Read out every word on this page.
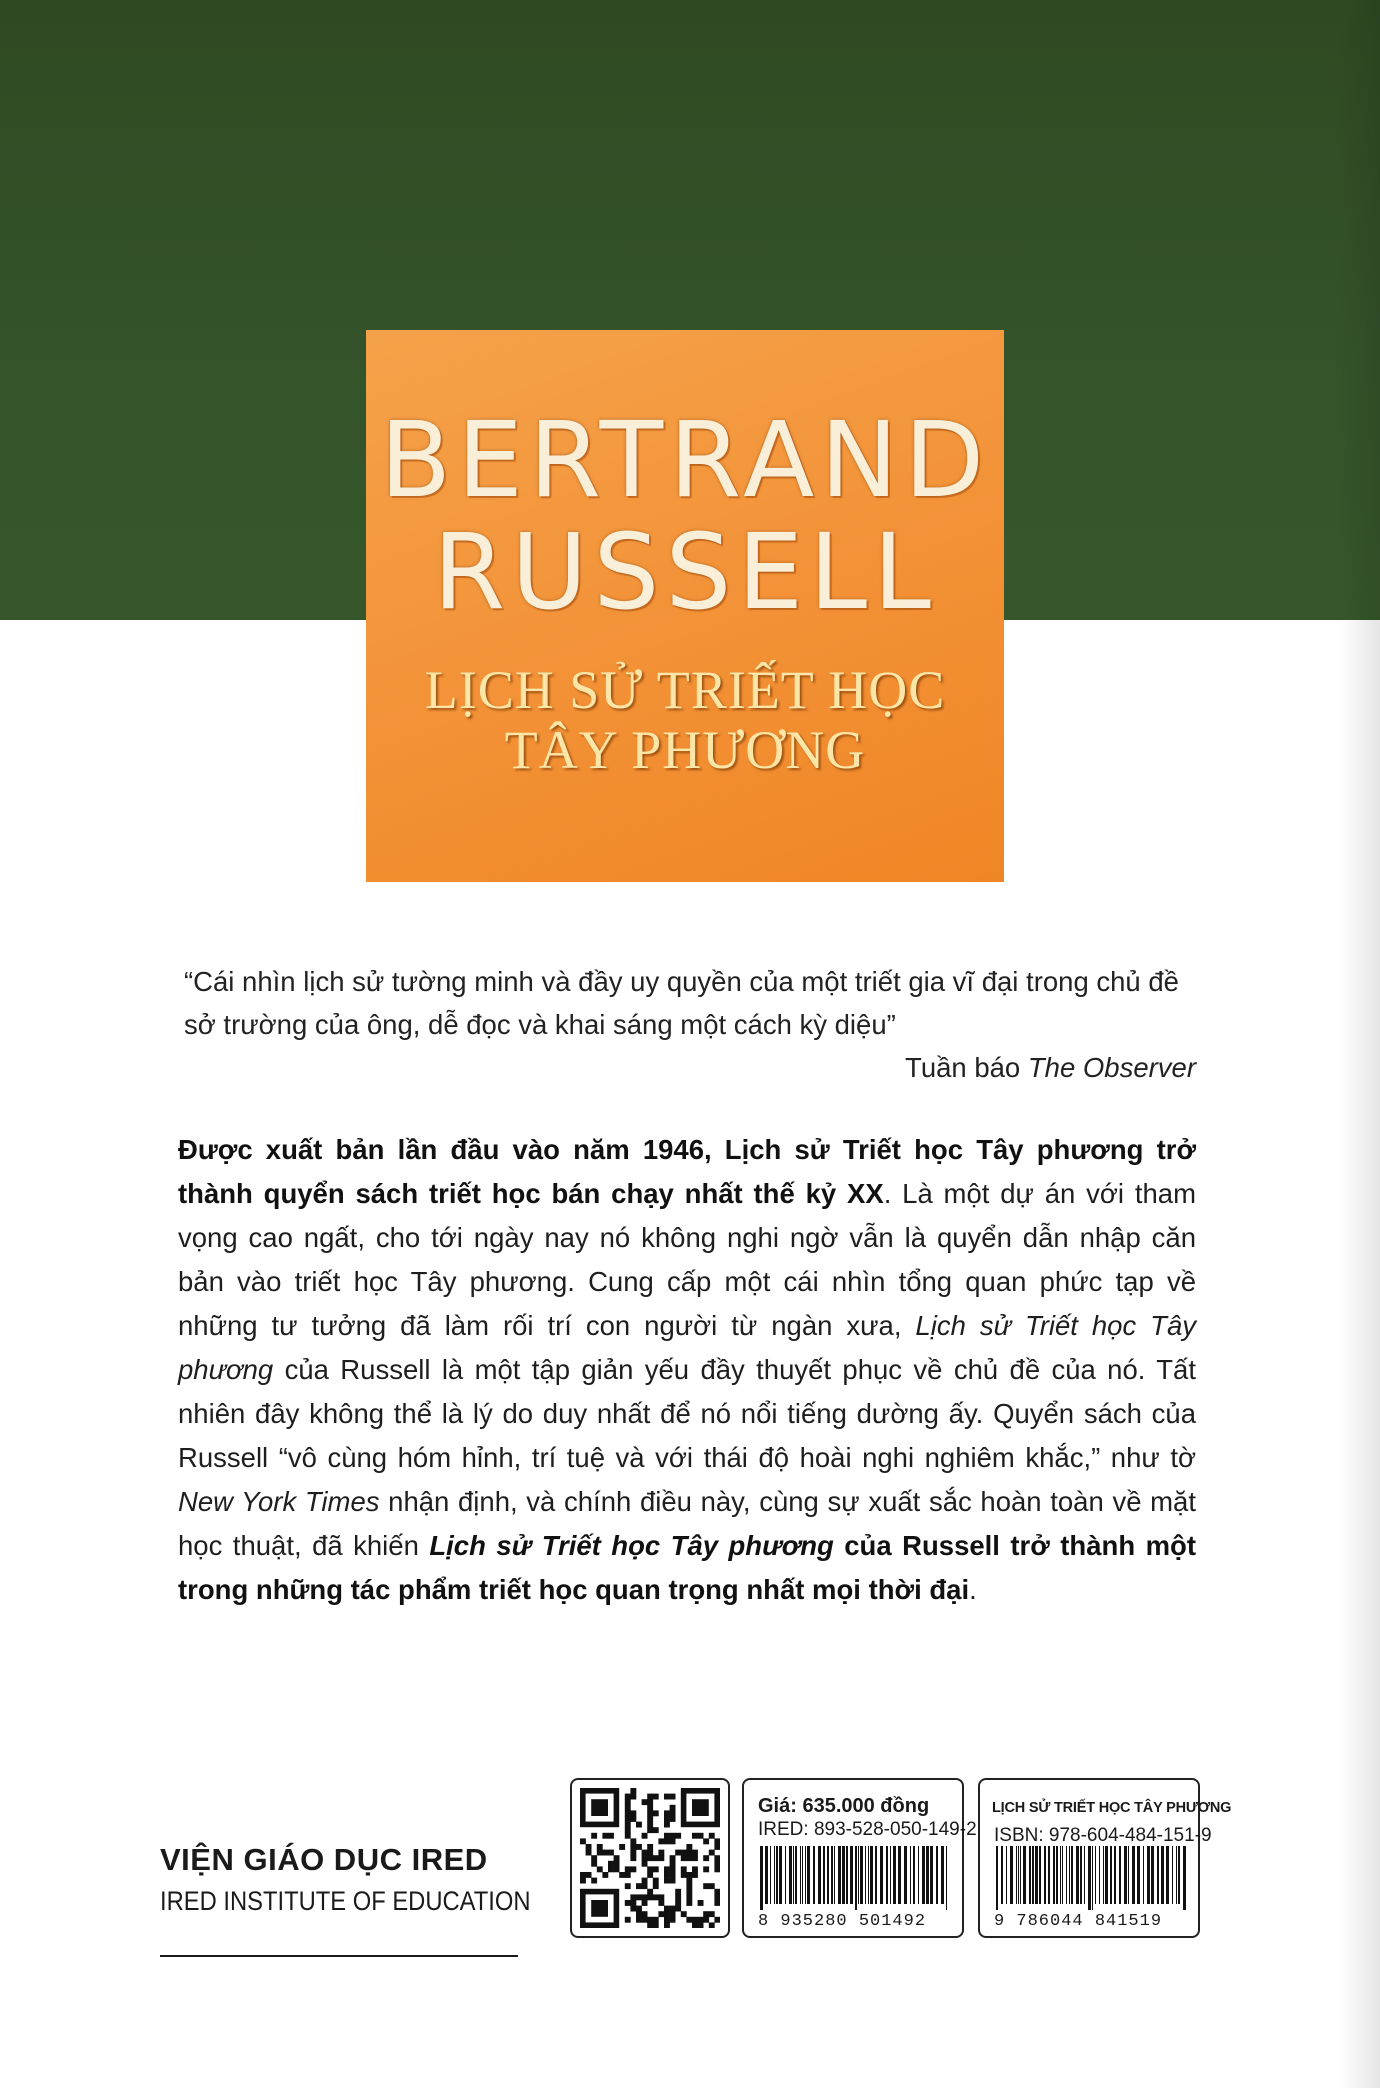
BERTRAND

RUSSELL

LỊCH SỬ TRIẾT HỌC

TÂY PHƯƠNG

“Cái nhìn lịch sử tường minh và đầy uy quyền của một triết gia vĩ đại trong chủ đề sở trường của ông, dễ đọc và khai sáng một cách kỳ diệu”

Tuần báo The Observer

Được xuất bản lần đầu vào năm 1946, Lịch sử Triết học Tây phương trở thành quyển sách triết học bán chạy nhất thế kỷ XX. Là một dự án với tham vọng cao ngất, cho tới ngày nay nó không nghi ngờ vẫn là quyển dẫn nhập căn bản vào triết học Tây phương. Cung cấp một cái nhìn tổng quan phức tạp về những tư tưởng đã làm rối trí con người từ ngàn xưa, Lịch sử Triết học Tây phương của Russell là một tập giản yếu đầy thuyết phục về chủ đề của nó. Tất nhiên đây không thể là lý do duy nhất để nó nổi tiếng dường ấy. Quyển sách của Russell “vô cùng hóm hỉnh, trí tuệ và với thái độ hoài nghi nghiêm khắc,” như tờ New York Times nhận định, và chính điều này, cùng sự xuất sắc hoàn toàn về mặt học thuật, đã khiến Lịch sử Triết học Tây phương của Russell trở thành một trong những tác phẩm triết học quan trọng nhất mọi thời đại.

VIỆN GIÁO DỤC IRED

IRED INSTITUTE OF EDUCATION

Giá: 635.000 đồng

IRED: 893-528-050-149-2

8 935280 501492

LỊCH SỬ TRIẾT HỌC TÂY PHƯƠNG

ISBN: 978-604-484-151-9

9 786044 841519
